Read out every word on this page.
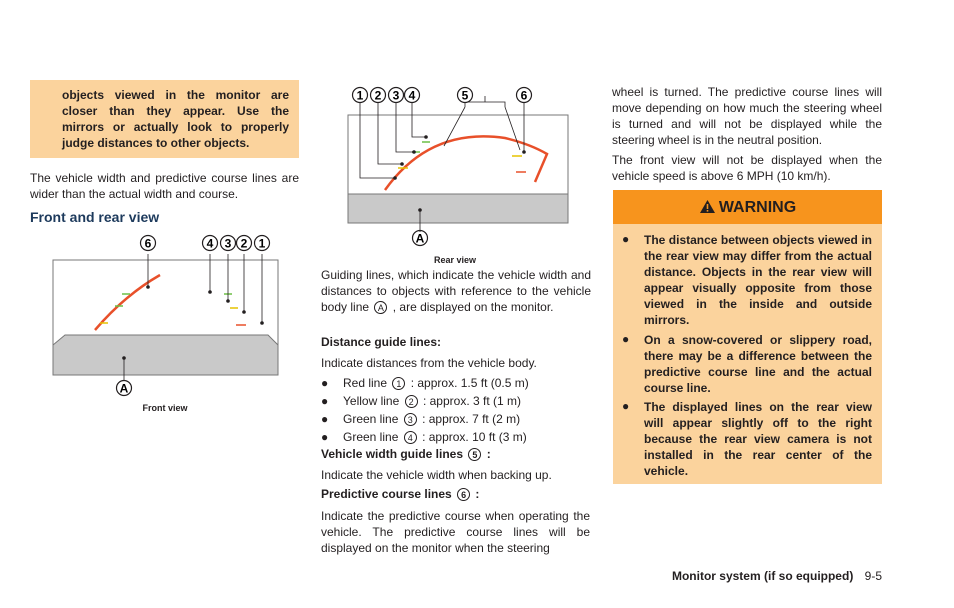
objects viewed in the monitor are closer than they appear. Use the mirrors or actually look to properly judge distances to other objects.
The vehicle width and predictive course lines are wider than the actual width and course.
Front and rear view
6	4 3 2 1
A
Front view
1 2 3 4	5	6
A
Rear view
Guiding lines, which indicate the vehicle width and distances to objects with reference to the vehicle body line A , are displayed on the monitor.
Distance guide lines:
Indicate distances from the vehicle body.
● Red line 1 : approx. 1.5 ft (0.5 m)
● Yellow line 2 : approx. 3 ft (1 m)
● Green line 3 : approx. 7 ft (2 m)
● Green line 4 : approx. 10 ft (3 m)
Vehicle width guide lines 5 :
Indicate the vehicle width when backing up.
Predictive course lines 6 :
Indicate the predictive course when operating the vehicle. The predictive course lines will be displayed on the monitor when the steering
wheel is turned. The predictive course lines will move depending on how much the steering wheel is turned and will not be displayed while the steering wheel is in the neutral position.
The front view will not be displayed when the vehicle speed is above 6 MPH (10 km/h).
WARNING
● The distance between objects viewed in the rear view may differ from the actual distance. Objects in the rear view will appear visually opposite from those viewed in the inside and outside mirrors.
● On a snow-covered or slippery road, there may be a difference between the predictive course line and the actual course line.
● The displayed lines on the rear view will appear slightly off to the right because the rear view camera is not installed in the rear center of the vehicle.
Monitor system (if so equipped) 9-5
